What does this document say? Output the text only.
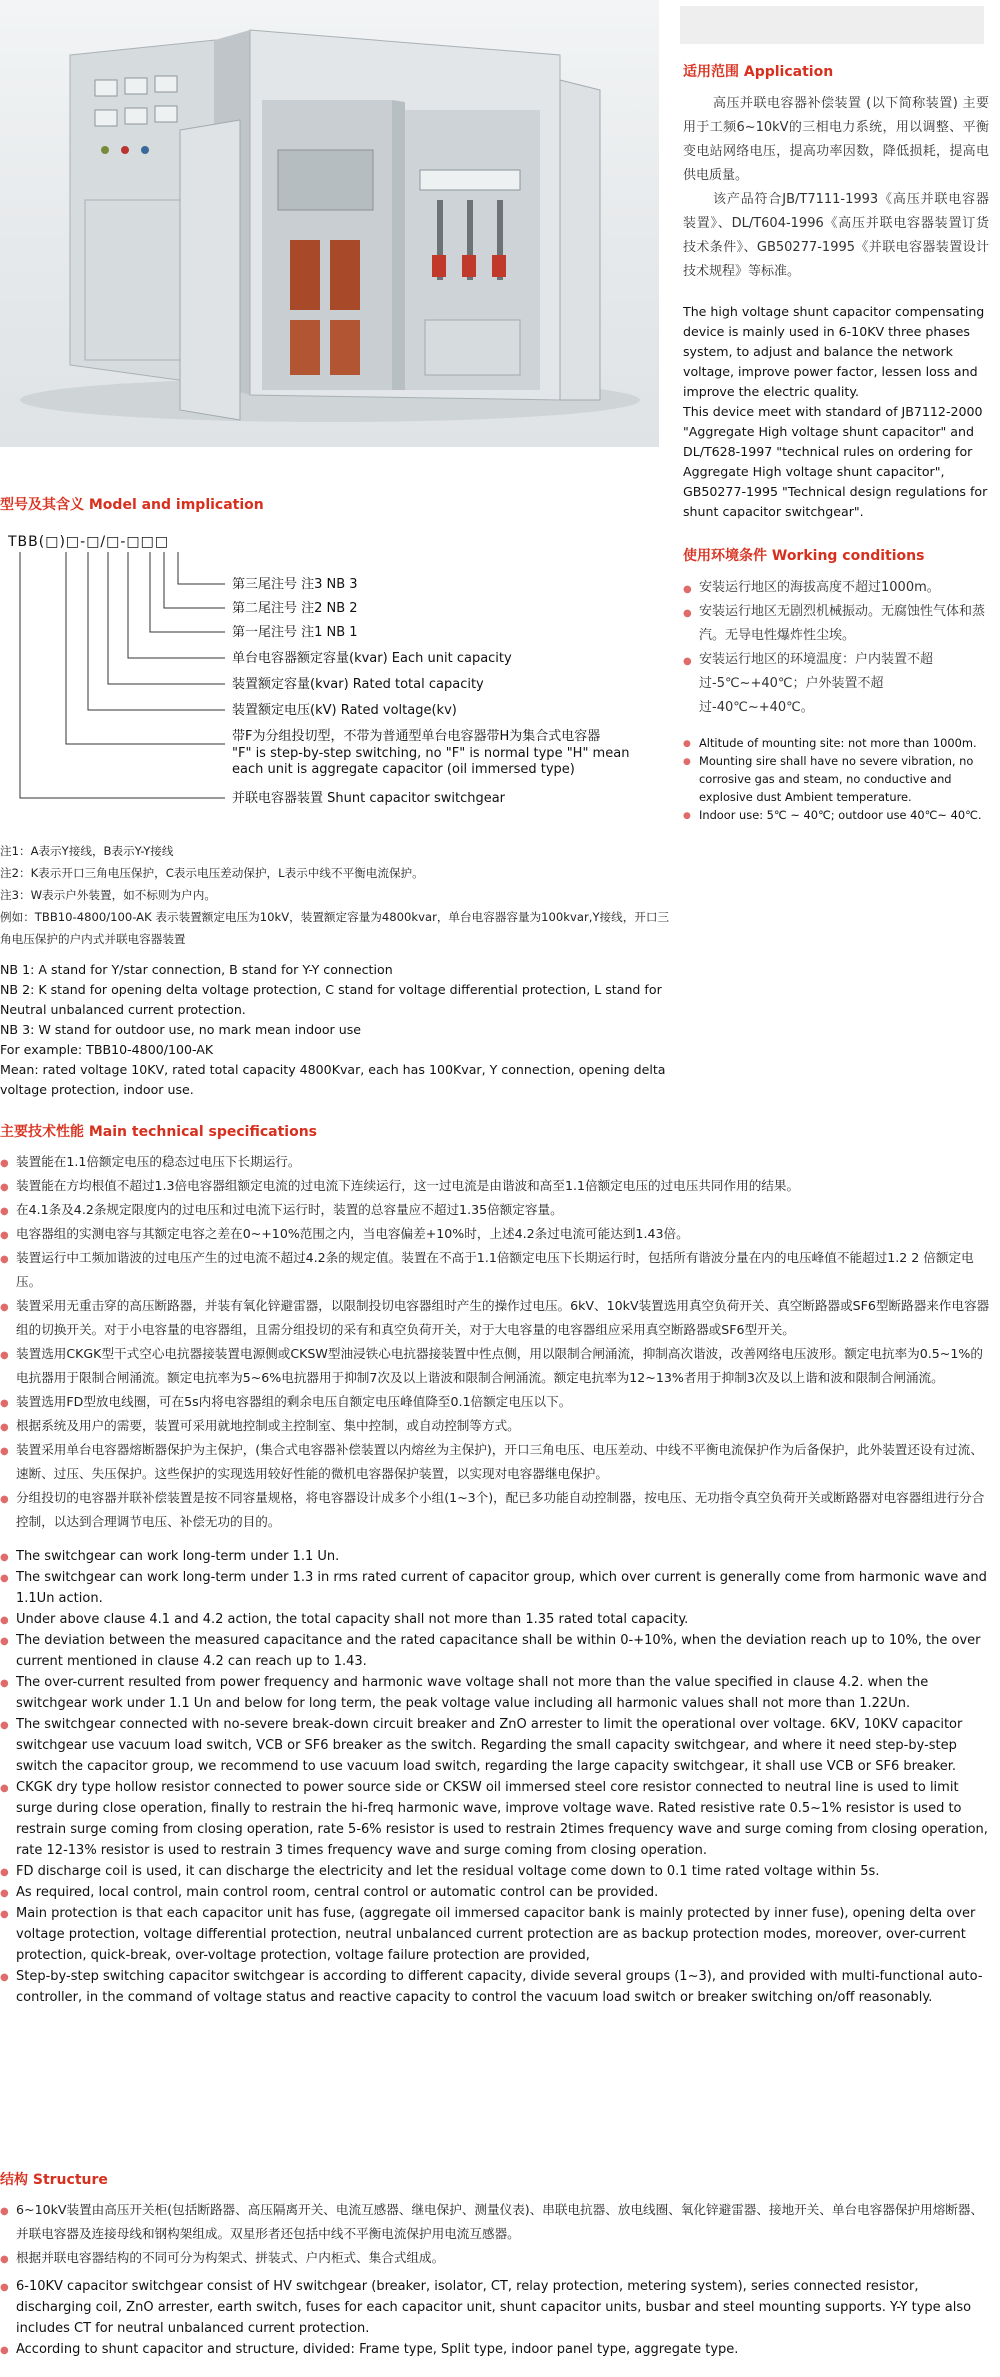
适用范围 Application

高压并联电容器补偿装置 (以下简称装置) 主要用于工频6~10kV的三相电力系统，用以调整、平衡变电站网络电压，提高功率因数，降低损耗，提高电供电质量。

该产品符合JB/T7111-1993《高压并联电容器装置》、DL/T604-1996《高压并联电容器装置订货技术条件》、GB50277-1995《并联电容器装置设计技术规程》等标准。

The high voltage shunt capacitor compensating device is mainly used in 6-10KV three phases system, to adjust and balance the network voltage, improve power factor, lessen loss and improve the electric quality.

This device meet with standard of JB7112-2000 "Aggregate High voltage shunt capacitor" and DL/T628-1997 "technical rules on ordering for Aggregate High voltage shunt capacitor", GB50277-1995 "Technical design regulations for shunt capacitor switchgear".

使用环境条件 Working conditions
● 安装运行地区的海拔高度不超过1000m。
● 安装运行地区无剧烈机械振动。无腐蚀性气体和蒸汽。无导电性爆炸性尘埃。
● 安装运行地区的环境温度：户内装置不超过-5℃~+40℃；户外装置不超过-40℃~+40℃。
● Altitude of mounting site: not more than 1000m.
● Mounting sire shall have no severe vibration, no corrosive gas and steam, no conductive and explosive dust Ambient temperature.
● Indoor use: 5℃ ~ 40℃; outdoor use 40℃~ 40℃.
型号及其含义 Model and implication
TBB(□)□-□/□-□□□
第三尾注号 注3 NB 3
第二尾注号 注2 NB 2
第一尾注号 注1 NB 1
单台电容器额定容量(kvar) Each unit capacity
装置额定容量(kvar) Rated total capacity
装置额定电压(kV) Rated voltage(kv)
带F为分组投切型，不带为普通型单台电容器带H为集合式电容器
"F" is step-by-step switching, no "F" is normal type "H" mean
each unit is aggregate capacitor (oil immersed type)
并联电容器装置 Shunt capacitor switchgear
注1：A表示Y接线，B表示Y-Y接线
注2：K表示开口三角电压保护，C表示电压差动保护，L表示中线不平衡电流保护。
注3：W表示户外装置，如不标则为户内。
例如：TBB10-4800/100-AK 表示装置额定电压为10kV，装置额定容量为4800kvar，单台电容器容量为100kvar,Y接线，开口三角电压保护的户内式并联电容器装置
NB 1: A stand for Y/star connection, B stand for Y-Y connection
NB 2: K stand for opening delta voltage protection, C stand for voltage differential protection, L stand for Neutral unbalanced current protection.
NB 3: W stand for outdoor use, no mark mean indoor use
For example: TBB10-4800/100-AK
Mean: rated voltage 10KV, rated total capacity 4800Kvar, each has 100Kvar, Y connection, opening delta voltage protection, indoor use.
主要技术性能 Main technical specifications
● 装置能在1.1倍额定电压的稳态过电压下长期运行。
● 装置能在方均根值不超过1.3倍电容器组额定电流的过电流下连续运行，这一过电流是由谐波和高至1.1倍额定电压的过电压共同作用的结果。
● 在4.1条及4.2条规定限度内的过电压和过电流下运行时，装置的总容量应不超过1.35倍额定容量。
● 电容器组的实测电容与其额定电容之差在0~+10%范围之内，当电容偏差+10%时，上述4.2条过电流可能达到1.43倍。
● 装置运行中工频加谐波的过电压产生的过电流不超过4.2条的规定值。装置在不高于1.1倍额定电压下长期运行时，包括所有谐波分量在内的电压峰值不能超过1.2 2 倍额定电压。
● 装置采用无重击穿的高压断路器，并装有氧化锌避雷器，以限制投切电容器组时产生的操作过电压。6kV、10kV装置选用真空负荷开关、真空断路器或SF6型断路器来作电容器组的切换开关。对于小电容量的电容器组，且需分组投切的采有和真空负荷开关，对于大电容量的电容器组应采用真空断路器或SF6型开关。
● 装置选用CKGK型干式空心电抗器接装置电源侧或CKSW型油浸铁心电抗器接装置中性点侧，用以限制合闸涌流，抑制高次谐波，改善网络电压波形。额定电抗率为0.5~1%的电抗器用于限制合闸涌流。额定电抗率为5~6%电抗器用于抑制7次及以上谐波和限制合闸涌流。额定电抗率为12~13%者用于抑制3次及以上谐和波和限制合闸涌流。
● 装置选用FD型放电线圈，可在5s内将电容器组的剩余电压自额定电压峰值降至0.1倍额定电压以下。
● 根据系统及用户的需要，装置可采用就地控制或主控制室、集中控制，或自动控制等方式。
● 装置采用单台电容器熔断器保护为主保护，(集合式电容器补偿装置以内熔丝为主保护)，开口三角电压、电压差动、中线不平衡电流保护作为后备保护，此外装置还设有过流、速断、过压、失压保护。这些保护的实现选用较好性能的微机电容器保护装置，以实现对电容器继电保护。
● 分组投切的电容器并联补偿装置是按不同容量规格，将电容器设计成多个小组(1~3个)，配已多功能自动控制器，按电压、无功指令真空负荷开关或断路器对电容器组进行分合控制，以达到合理调节电压、补偿无功的目的。
● The switchgear can work long-term under 1.1 Un.
● The switchgear can work long-term under 1.3 in rms rated current of capacitor group, which over current is generally come from harmonic wave and 1.1Un action.
● Under above clause 4.1 and 4.2 action, the total capacity shall not more than 1.35 rated total capacity.
● The deviation between the measured capacitance and the rated capacitance shall be within 0-+10%, when the deviation reach up to 10%, the over current mentioned in clause 4.2 can reach up to 1.43.
● The over-current resulted from power frequency and harmonic wave voltage shall not more than the value specified in clause 4.2. when the switchgear work under 1.1 Un and below for long term, the peak voltage value including all harmonic values shall not more than 1.22Un.
● The switchgear connected with no-severe break-down circuit breaker and ZnO arrester to limit the operational over voltage. 6KV, 10KV capacitor switchgear use vacuum load switch, VCB or SF6 breaker as the switch. Regarding the small capacity switchgear, and where it need step-by-step switch the capacitor group, we recommend to use vacuum load switch, regarding the large capacity switchgear, it shall use VCB or SF6 breaker.
● CKGK dry type hollow resistor connected to power source side or CKSW oil immersed steel core resistor connected to neutral line is used to limit surge during close operation, finally to restrain the hi-freq harmonic wave, improve voltage wave. Rated resistive rate 0.5~1% resistor is used to restrain surge coming from closing operation, rate 5-6% resistor is used to restrain 2times frequency wave and surge coming from closing operation, rate 12-13% resistor is used to restrain 3 times frequency wave and surge coming from closing operation.
● FD discharge coil is used, it can discharge the electricity and let the residual voltage come down to 0.1 time rated voltage within 5s.
● As required, local control, main control room, central control or automatic control can be provided.
● Main protection is that each capacitor unit has fuse, (aggregate oil immersed capacitor bank is mainly protected by inner fuse), opening delta over voltage protection, voltage differential protection, neutral unbalanced current protection are as backup protection modes, moreover, over-current protection, quick-break, over-voltage protection, voltage failure protection are provided,
● Step-by-step switching capacitor switchgear is according to different capacity, divide several groups (1~3), and provided with multi-functional auto-controller, in the command of voltage status and reactive capacity to control the vacuum load switch or breaker switching on/off reasonably.
结构 Structure
● 6~10kV装置由高压开关柜(包括断路器、高压隔离开关、电流互感器、继电保护、测量仪表)、串联电抗器、放电线圈、氧化锌避雷器、接地开关、单台电容器保护用熔断器、并联电容器及连接母线和钢构架组成。双星形者还包括中线不平衡电流保护用电流互感器。
● 根据并联电容器结构的不同可分为构架式、拼装式、户内柜式、集合式组成。
● 6-10KV capacitor switchgear consist of HV switchgear (breaker, isolator, CT, relay protection, metering system), series connected resistor, discharging coil, ZnO arrester, earth switch, fuses for each capacitor unit, shunt capacitor units, busbar and steel mounting supports. Y-Y type also includes CT for neutral unbalanced current protection.
● According to shunt capacitor and structure, divided: Frame type, Split type, indoor panel type, aggregate type.
